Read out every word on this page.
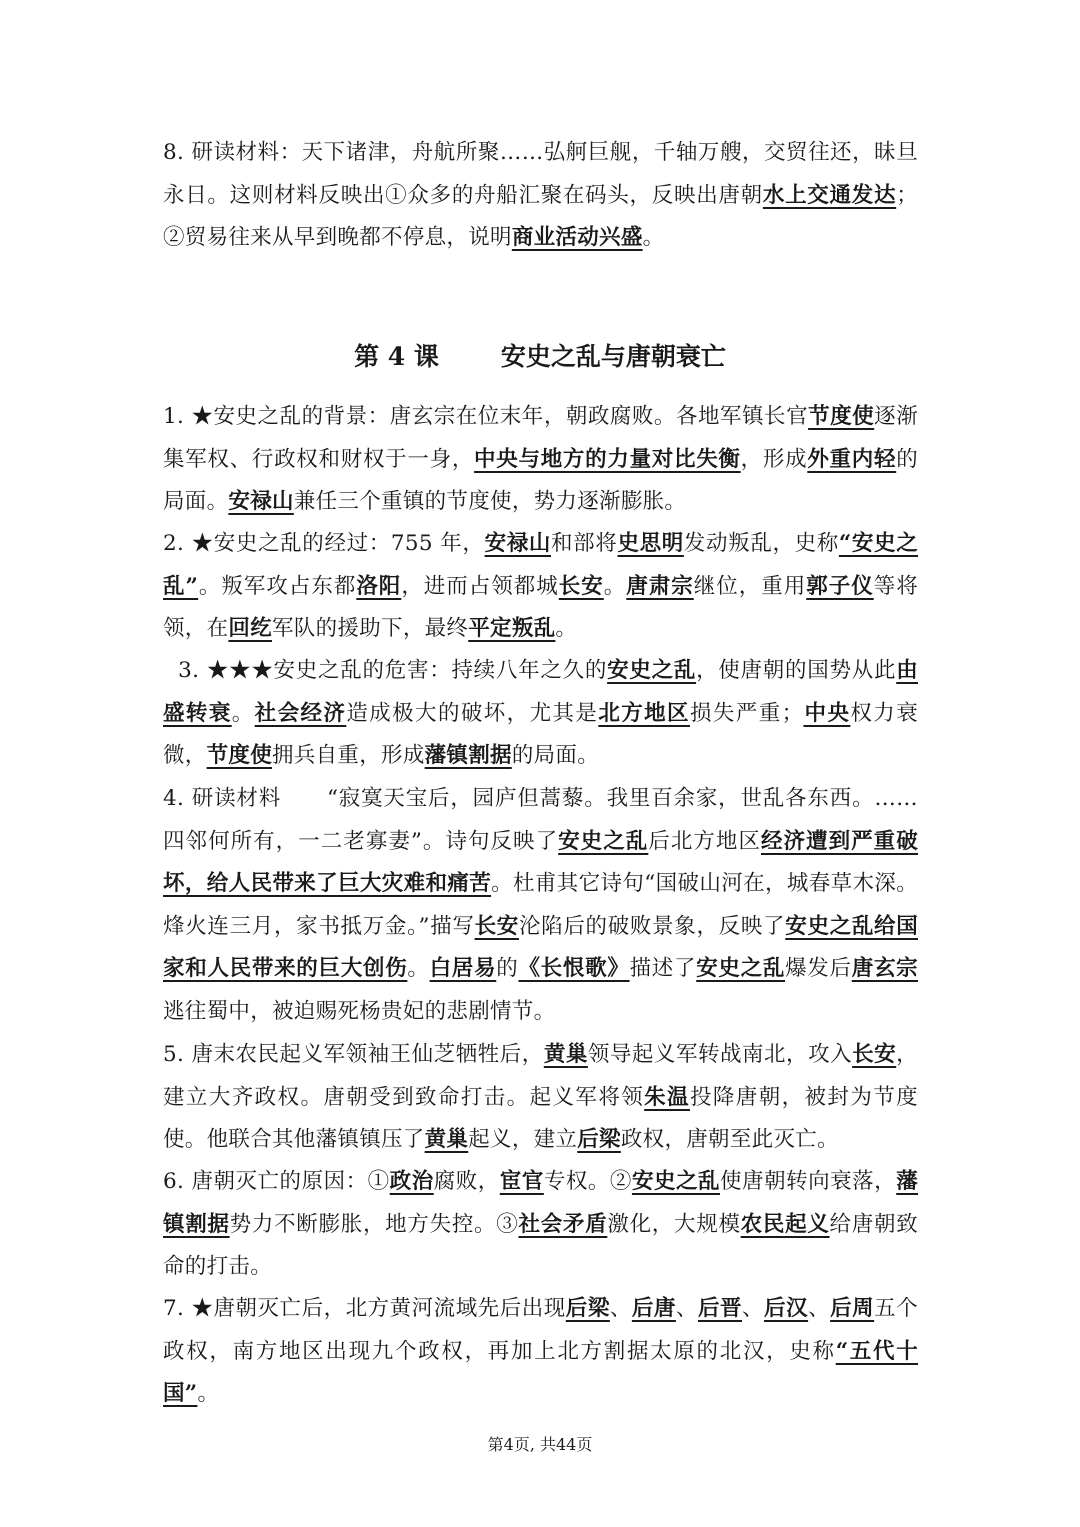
8. 研读材料：天下诸津，舟航所聚……弘舸巨舰，千轴万艘，交贸往还，昧旦永日。这则材料反映出①众多的舟船汇聚在码头，反映出唐朝水上交通发达；②贸易往来从早到晚都不停息，说明商业活动兴盛。
第 4 课 安史之乱与唐朝衰亡
1. ★安史之乱的背景：唐玄宗在位末年，朝政腐败。各地军镇长官节度使逐渐集军权、行政权和财权于一身，中央与地方的力量对比失衡，形成外重内轻的局面。安禄山兼任三个重镇的节度使，势力逐渐膨胀。
2. ★安史之乱的经过：755 年，安禄山和部将史思明发动叛乱，史称“安史之乱”。叛军攻占东都洛阳，进而占领都城长安。唐肃宗继位，重用郭子仪等将领，在回纥军队的援助下，最终平定叛乱。
3. ★★★安史之乱的危害：持续八年之久的安史之乱，使唐朝的国势从此由盛转衰。社会经济造成极大的破坏，尤其是北方地区损失严重；中央权力衰微，节度使拥兵自重，形成藩镇割据的局面。
4. 研读材料      “寂寞天宝后，园庐但蒿藜。我里百余家，世乱各东西。……四邻何所有，一二老寡妻”。诗句反映了安史之乱后北方地区经济遭到严重破坏，给人民带来了巨大灾难和痛苦。杜甫其它诗句“国破山河在，城春草木深。烽火连三月，家书抵万金。”描写长安沦陷后的破败景象，反映了安史之乱给国家和人民带来的巨大创伤。白居易的《长恨歌》描述了安史之乱爆发后唐玄宗逃往蜀中，被迫赐死杨贵妃的悲剧情节。
5. 唐末农民起义军领袖王仙芝牺牲后，黄巢领导起义军转战南北，攻入长安，建立大齐政权。唐朝受到致命打击。起义军将领朱温投降唐朝，被封为节度使。他联合其他藩镇镇压了黄巢起义，建立后梁政权，唐朝至此灭亡。
6. 唐朝灭亡的原因：①政治腐败，宦官专权。②安史之乱使唐朝转向衰落，藩镇割据势力不断膨胀，地方失控。③社会矛盾激化，大规模农民起义给唐朝致命的打击。
7. ★唐朝灭亡后，北方黄河流域先后出现后梁、后唐、后晋、后汉、后周五个政权，南方地区出现九个政权，再加上北方割据太原的北汉，史称“五代十国”。
第4页, 共44页
